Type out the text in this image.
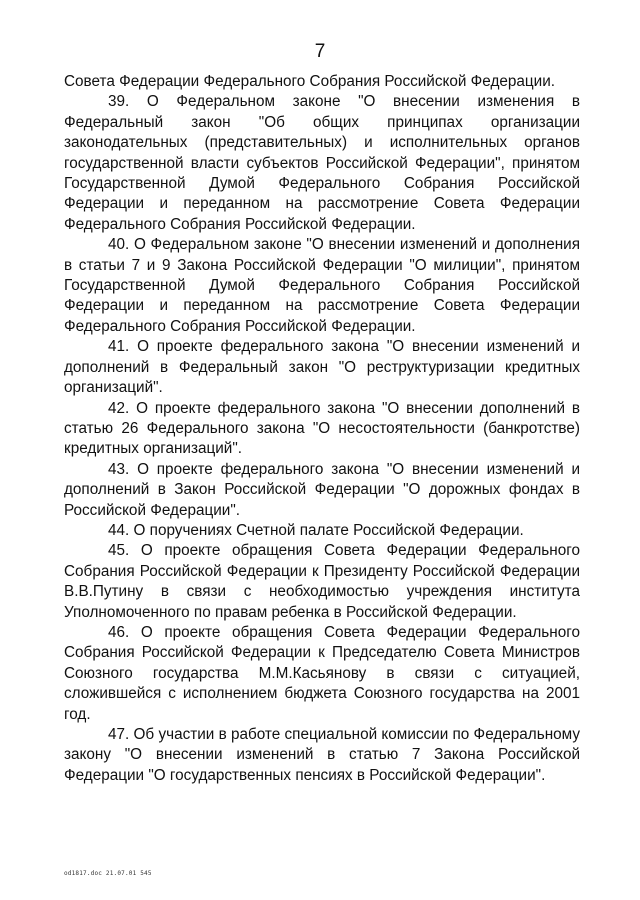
7

Совета Федерации Федерального Собрания Российской Федерации.

39. О Федеральном законе "О внесении изменения в Федеральный закон "Об общих принципах организации законодательных (представительных) и исполнительных органов государственной власти субъектов Российской Федерации", принятом Государственной Думой Федерального Собрания Российской Федерации и переданном на рассмотрение Совета Федерации Федерального Собрания Российской Федерации.

40. О Федеральном законе "О внесении изменений и дополнения в статьи 7 и 9 Закона Российской Федерации "О милиции", принятом Государственной Думой Федерального Собрания Российской Федерации и переданном на рассмотрение Совета Федерации Федерального Собрания Российской Федерации.

41. О проекте федерального закона "О внесении изменений и дополнений в Федеральный закон "О реструктуризации кредитных организаций".

42. О проекте федерального закона "О внесении дополнений в статью 26 Федерального закона "О несостоятельности (банкротстве) кредитных организаций".

43. О проекте федерального закона "О внесении изменений и дополнений в Закон Российской Федерации "О дорожных фондах в Российской Федерации".

44. О поручениях Счетной палате Российской Федерации.

45. О проекте обращения Совета Федерации Федерального Собрания Российской Федерации к Президенту Российской Федерации В.В.Путину в связи с необходимостью учреждения института Уполномоченного по правам ребенка в Российской Федерации.

46. О проекте обращения Совета Федерации Федерального Собрания Российской Федерации к Председателю Совета Министров Союзного государства М.М.Касьянову в связи с ситуацией, сложившейся с исполнением бюджета Союзного государства на 2001 год.

47. Об участии в работе специальной комиссии по Федеральному закону "О внесении изменений в статью 7 Закона Российской Федерации "О государственных пенсиях в Российской Федерации".

od1817.doc 21.07.01 545
